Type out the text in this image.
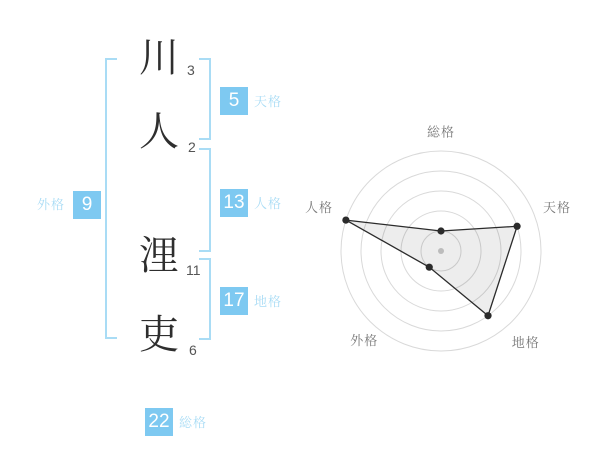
川 3
人 2
浬 11
吏 6
5	天格
13 人格
17 地格
外格 9
22 総格
総格
天格
地格
外格
人格
